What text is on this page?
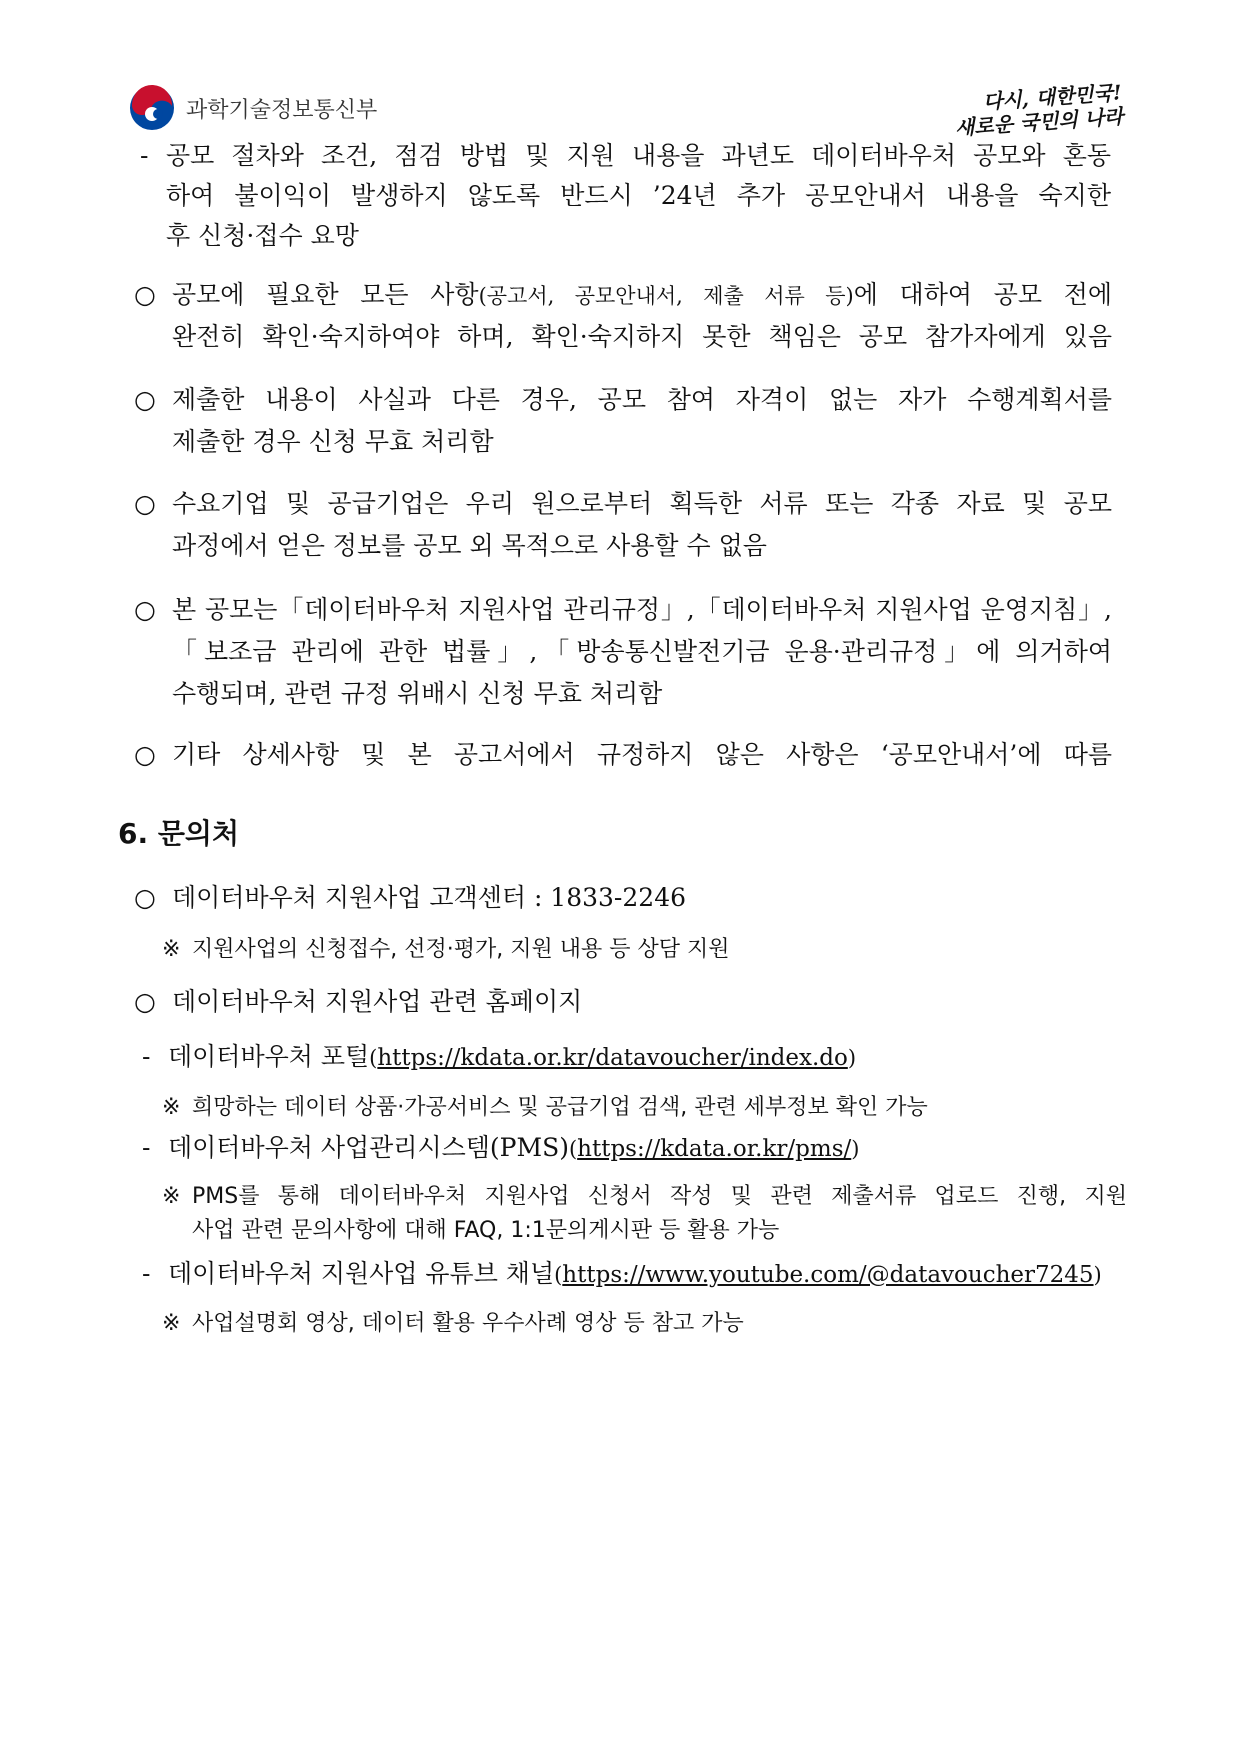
과학기술정보통신부	다시, 대한민국!
새로운 국민의 나라
- 공모 절차와 조건, 점검 방법 및 지원 내용을 과년도 데이터바우처 공모와 혼동
하여 불이익이 발생하지 않도록 반드시 ’24년 추가 공모안내서 내용을 숙지한
후 신청·접수 요망
○ 공모에 필요한 모든 사항(공고서, 공모안내서, 제출 서류 등)에 대하여 공모 전에
완전히 확인·숙지하여야 하며, 확인·숙지하지 못한 책임은 공모 참가자에게 있음
○ 제출한 내용이 사실과 다른 경우, 공모 참여 자격이 없는 자가 수행계획서를
제출한 경우 신청 무효 처리함
○ 수요기업 및 공급기업은 우리 원으로부터 획득한 서류 또는 각종 자료 및 공모
과정에서 얻은 정보를 공모 외 목적으로 사용할 수 없음
○ 본 공모는「데이터바우처 지원사업 관리규정」,「데이터바우처 지원사업 운영지침」,
「보조금 관리에 관한 법률」,「방송통신발전기금 운용·관리규정」에 의거하여
수행되며, 관련 규정 위배시 신청 무효 처리함
○ 기타 상세사항 및 본 공고서에서 규정하지 않은 사항은 ‘공모안내서’에 따름
6. 문의처
○ 데이터바우처 지원사업 고객센터 : 1833-2246
※ 지원사업의 신청접수, 선정·평가, 지원 내용 등 상담 지원
○ 데이터바우처 지원사업 관련 홈페이지
- 데이터바우처 포털(https://kdata.or.kr/datavoucher/index.do)
※ 희망하는 데이터 상품·가공서비스 및 공급기업 검색, 관련 세부정보 확인 가능
- 데이터바우처 사업관리시스템(PMS)(https://kdata.or.kr/pms/)
※ PMS를 통해 데이터바우처 지원사업 신청서 작성 및 관련 제출서류 업로드 진행, 지원
사업 관련 문의사항에 대해 FAQ, 1:1문의게시판 등 활용 가능
- 데이터바우처 지원사업 유튜브 채널(https://www.youtube.com/@datavoucher7245)
※ 사업설명회 영상, 데이터 활용 우수사례 영상 등 참고 가능
